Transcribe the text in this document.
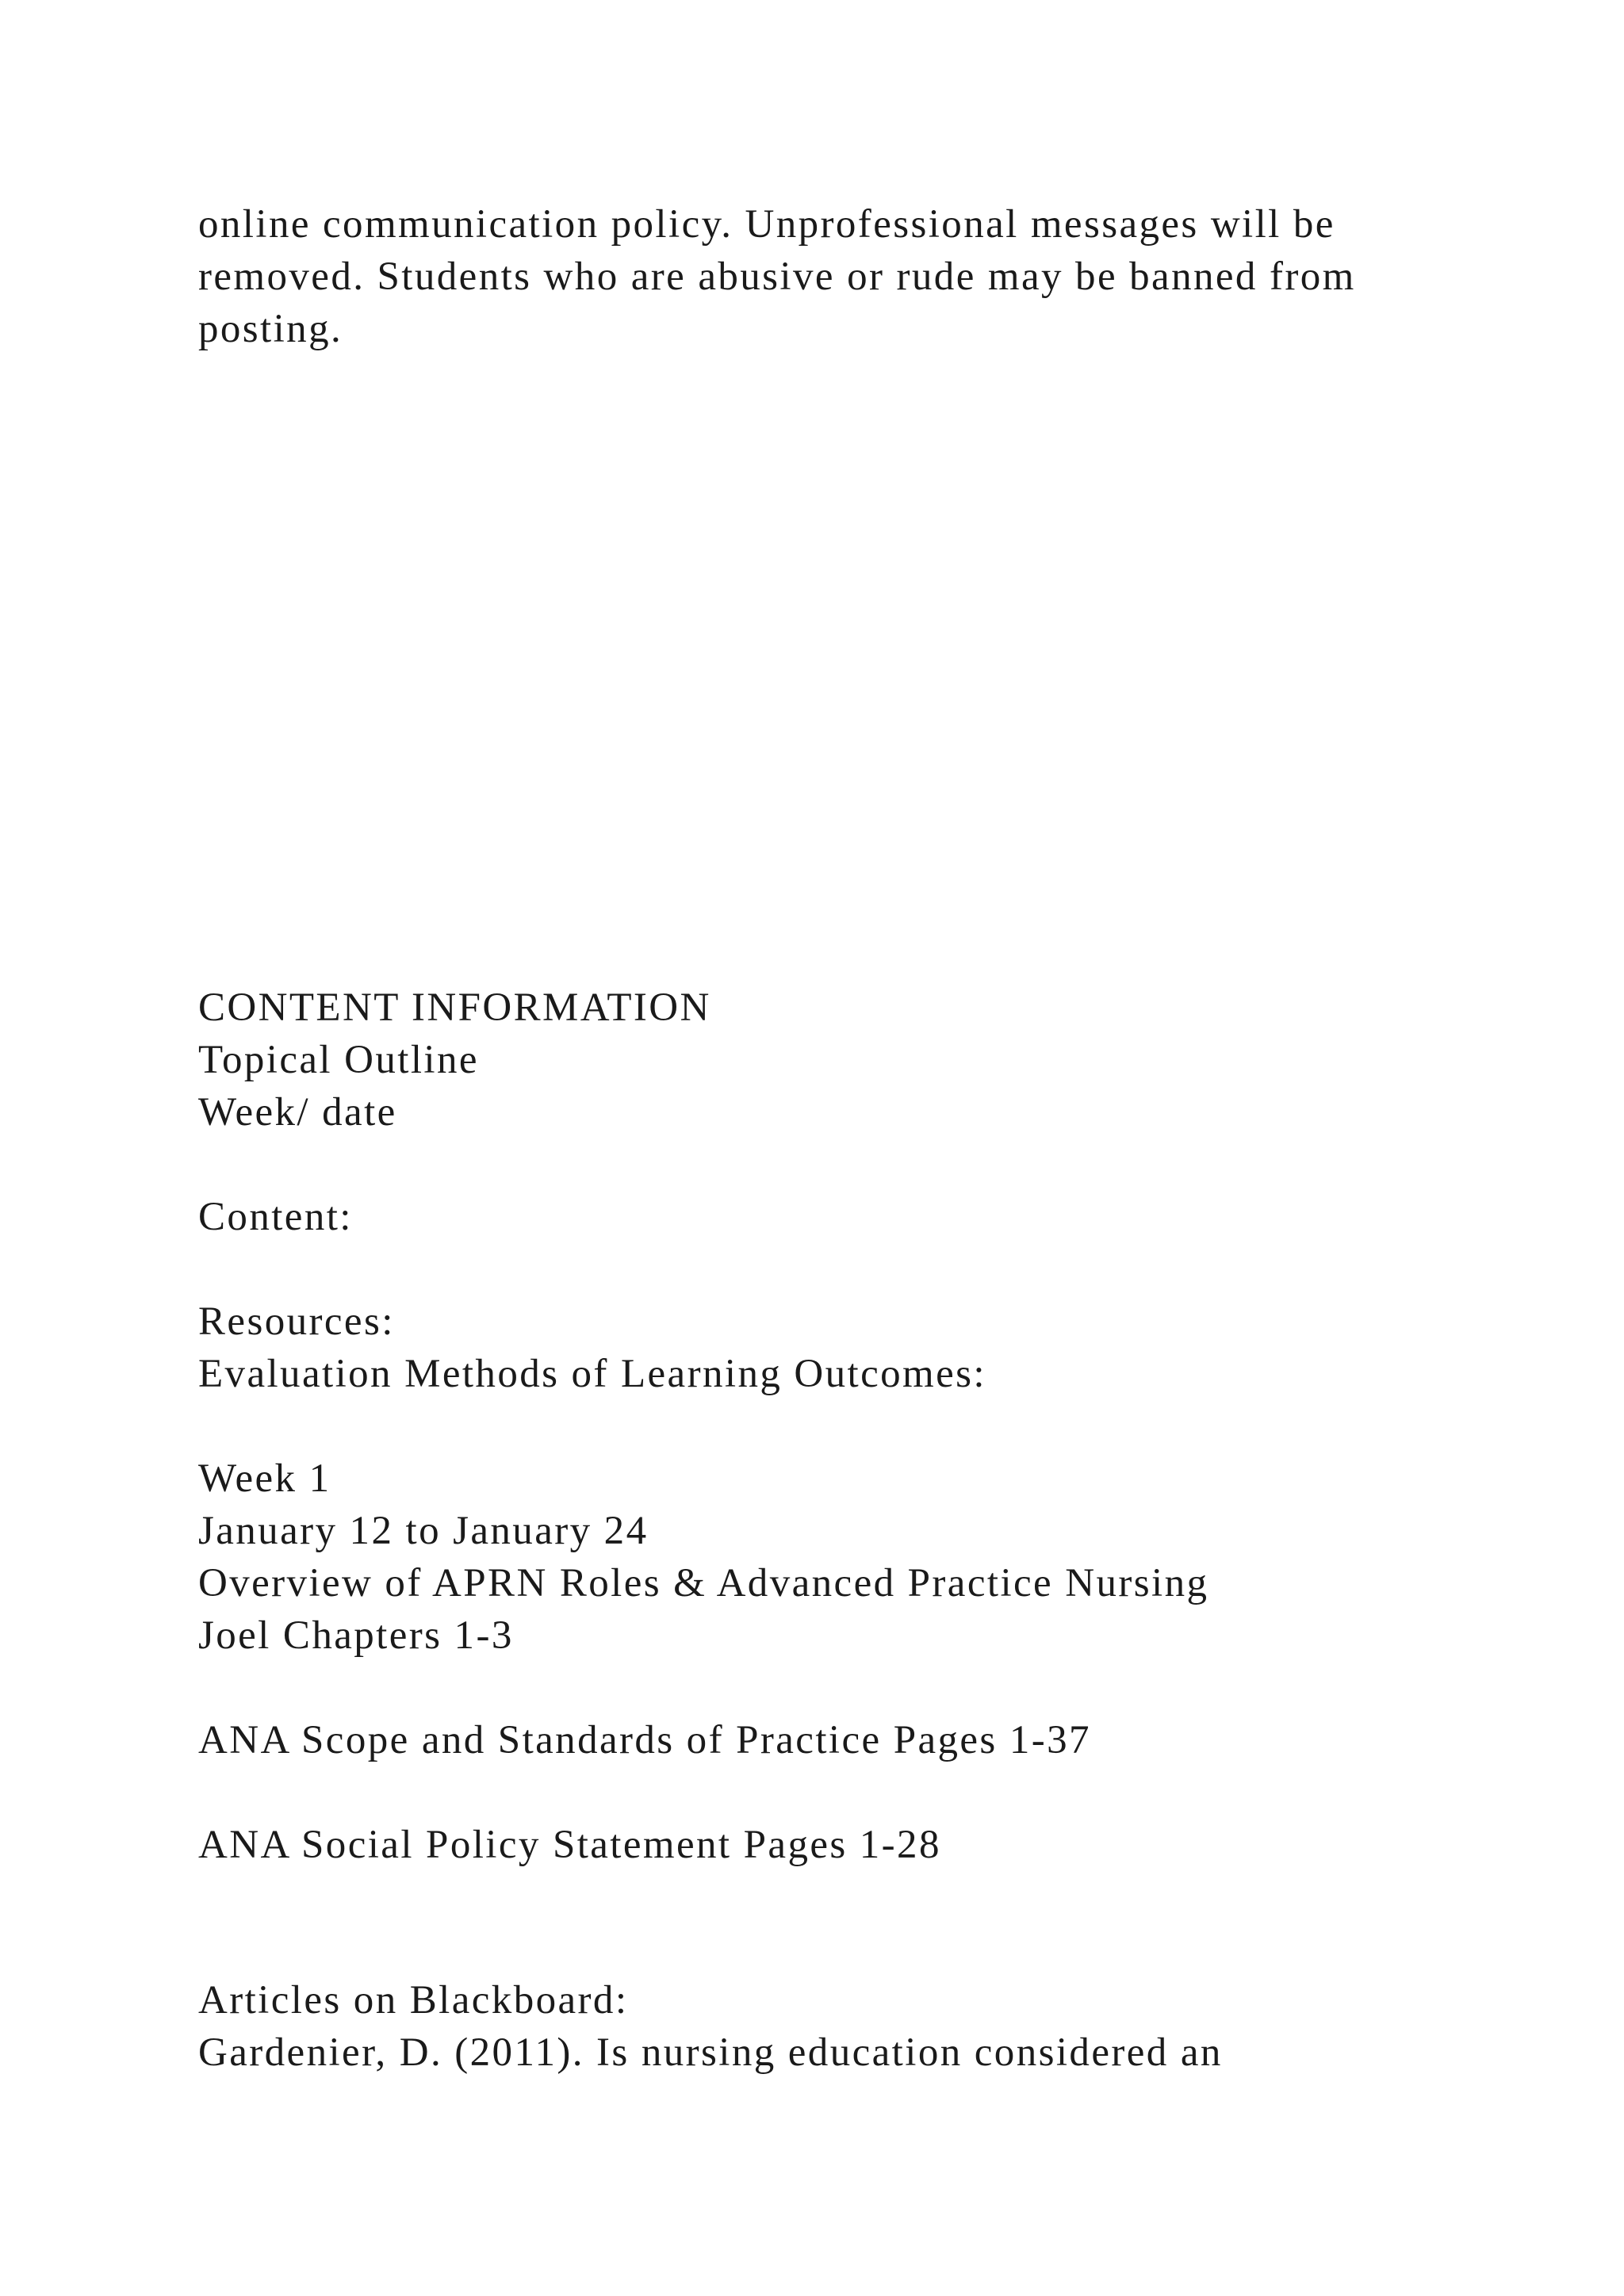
online communication policy. Unprofessional messages will be

removed. Students who are abusive or rude may be banned from

posting.

CONTENT INFORMATION

Topical Outline

Week/ date

Content:

Resources:

Evaluation Methods of Learning Outcomes:

Week 1

January 12 to January 24

Overview of APRN Roles & Advanced Practice Nursing

Joel Chapters 1-3

ANA Scope and Standards of Practice Pages 1-37

ANA Social Policy Statement Pages 1-28

Articles on Blackboard:

Gardenier, D. (2011). Is nursing education considered an
